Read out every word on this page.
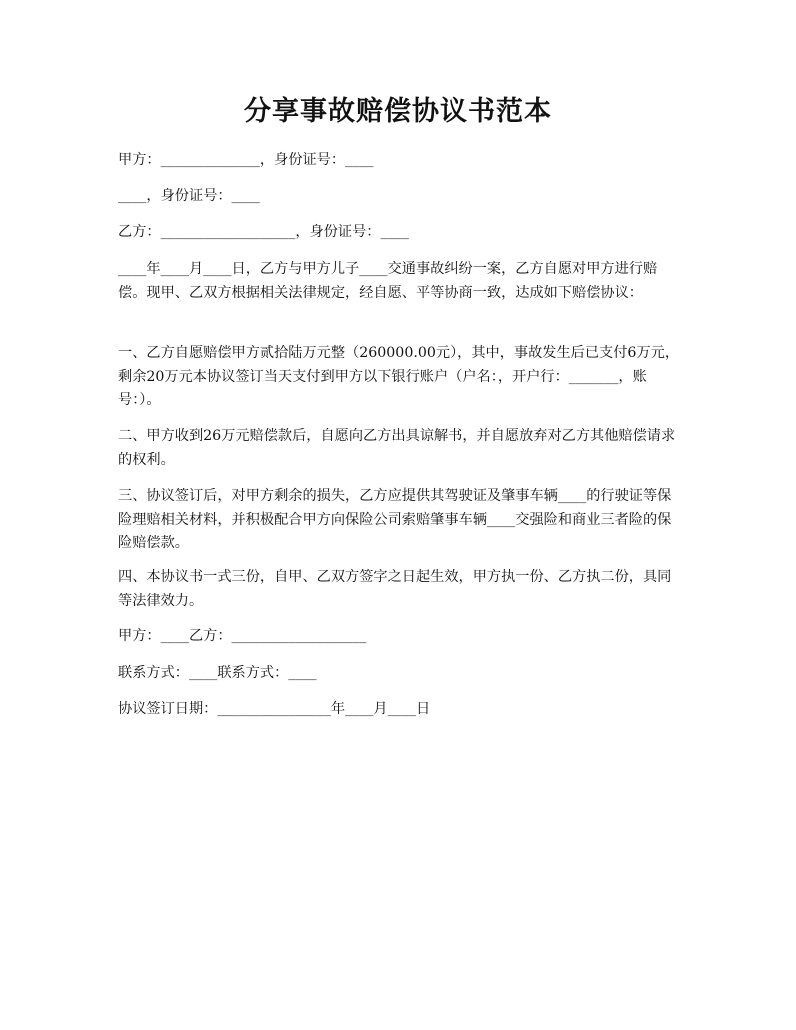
分享事故赔偿协议书范本
甲方：______________，身份证号：____
____，身份证号：____
乙方：___________________，身份证号：____
____年____月____日，乙方与甲方儿子____交通事故纠纷一案，乙方自愿对甲方进行赔偿。现甲、乙双方根据相关法律规定，经自愿、平等协商一致，达成如下赔偿协议：
一、乙方自愿赔偿甲方贰拾陆万元整（260000.00元），其中，事故发生后已支付6万元，剩余20万元本协议签订当天支付到甲方以下银行账户（户名：，开户行：_______，账号：）。
二、甲方收到26万元赔偿款后，自愿向乙方出具谅解书，并自愿放弃对乙方其他赔偿请求的权利。
三、协议签订后，对甲方剩余的损失，乙方应提供其驾驶证及肇事车辆____的行驶证等保险理赔相关材料，并积极配合甲方向保险公司索赔肇事车辆____交强险和商业三者险的保险赔偿款。
四、本协议书一式三份，自甲、乙双方签字之日起生效，甲方执一份、乙方执二份，具同等法律效力。
甲方：____乙方：___________________
联系方式：____联系方式：____
协议签订日期：________________年____月____日
